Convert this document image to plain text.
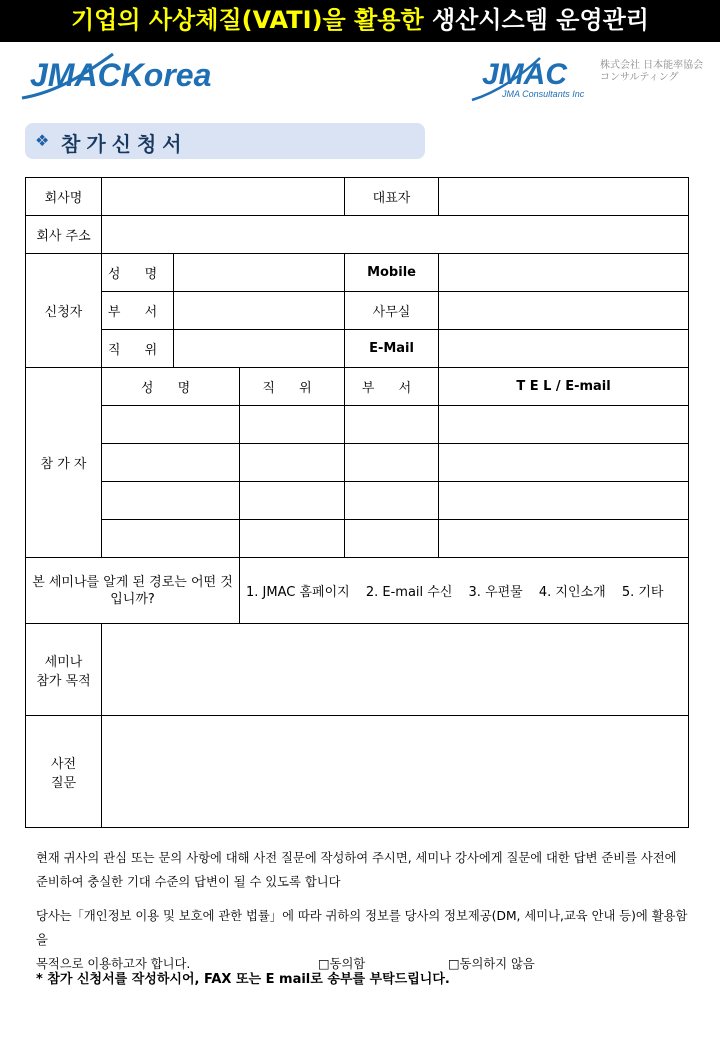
기업의 사상체질(VATI)을 활용한 생산시스템 운영관리
JMACKorea	JMAC
JMA Consultants Inc
株式会社 日本能率協会
コンサルティング
❖ 참가신청서
회사명				대표자	
회사 주소					
신청자	성 명			Mobile	
	부 서			사무실	
	직 위			E-Mail	
참 가 자	성 명		직 위	부 서	T E L / E-mail

본 세미나를 알게 된 경로는 어떤 것입니까?			1. JMAC 홈페이지 2. E-mail 수신 3. 우편물 4. 지인소개 5. 기타		

세미나
참가 목적					

사전
질문					

현재 귀사의 관심 또는 문의 사항에 대해 사전 질문에 작성하여 주시면, 세미나 강사에게 질문에 대한 답변 준비를 사전에

준비하여 충실한 기대 수준의 답변이 될 수 있도록 합니다

당사는「개인정보 이용 및 보호에 관한 법률」에 따라 귀하의 정보를 당사의 정보제공(DM, 세미나,교육 안내 등)에 활용함을

목적으로 이용하고자 합니다.	□동의함	□동의하지 않음

* 참가 신청서를 작성하시어, FAX 또는 E mail로 송부를 부탁드립니다.
